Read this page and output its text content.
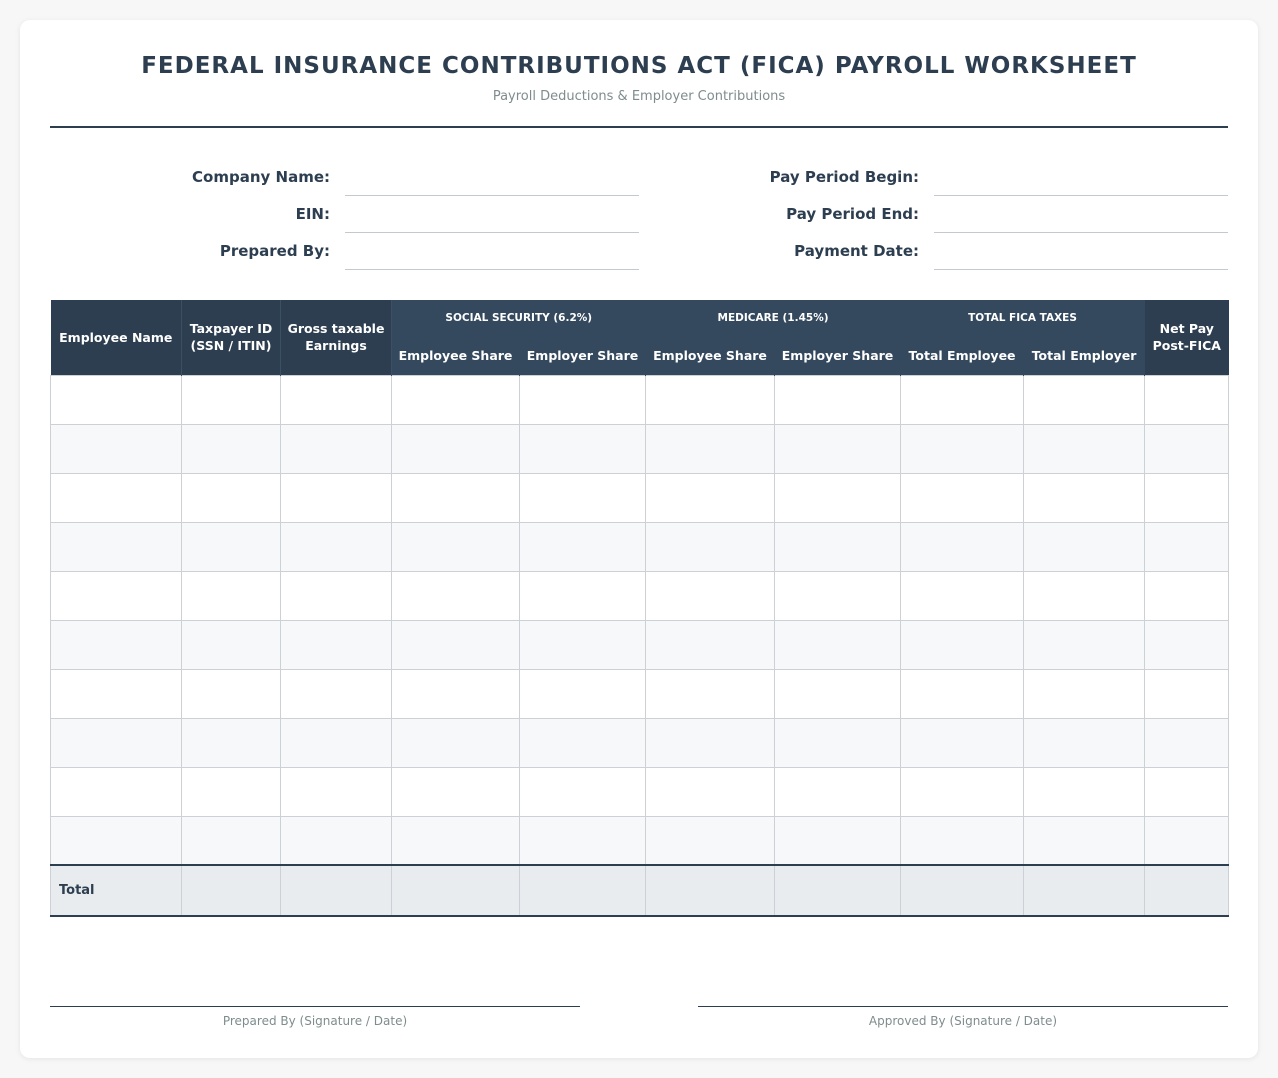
FEDERAL INSURANCE CONTRIBUTIONS ACT (FICA) PAYROLL WORKSHEET
Payroll Deductions & Employer Contributions
Company Name:
EIN:
Prepared By:
Pay Period Begin:
Pay Period End:
Payment Date:
Employee Name	Taxpayer ID (SSN / ITIN)	Gross taxable Earnings	SOCIAL SECURITY (6.2%)		MEDICARE (1.45%)		TOTAL FICA TAXES		Net Pay Post-FICA
			Employee Share	Employer Share	Employee Share	Employer Share	Total Employee	Total Employer	

Total									
Prepared By (Signature / Date)	Approved By (Signature / Date)
